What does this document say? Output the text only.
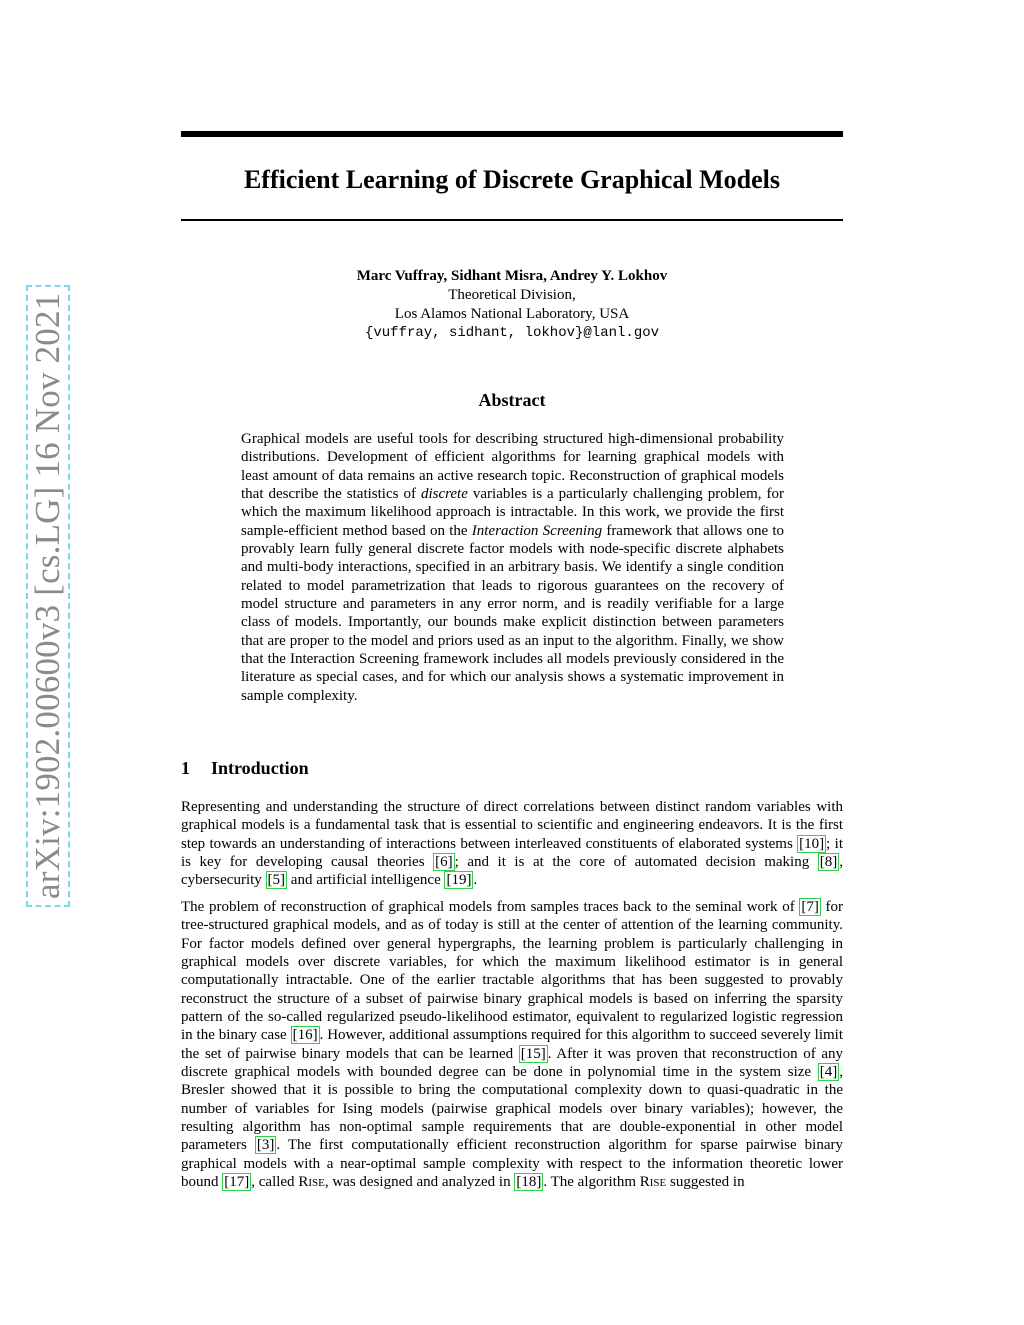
arXiv:1902.00600v3 [cs.LG] 16 Nov 2021
Efficient Learning of Discrete Graphical Models
Marc Vuffray, Sidhant Misra, Andrey Y. Lokhov
Theoretical Division,
Los Alamos National Laboratory, USA
{vuffray, sidhant, lokhov}@lanl.gov
Abstract
Graphical models are useful tools for describing structured high-dimensional probability distributions. Development of efficient algorithms for learning graphical models with least amount of data remains an active research topic. Reconstruction of graphical models that describe the statistics of discrete variables is a particularly challenging problem, for which the maximum likelihood approach is intractable. In this work, we provide the first sample-efficient method based on the Interaction Screening framework that allows one to provably learn fully general discrete factor models with node-specific discrete alphabets and multi-body interactions, specified in an arbitrary basis. We identify a single condition related to model parametrization that leads to rigorous guarantees on the recovery of model structure and parameters in any error norm, and is readily verifiable for a large class of models. Importantly, our bounds make explicit distinction between parameters that are proper to the model and priors used as an input to the algorithm. Finally, we show that the Interaction Screening framework includes all models previously considered in the literature as special cases, and for which our analysis shows a systematic improvement in sample complexity.
1 Introduction
Representing and understanding the structure of direct correlations between distinct random variables with graphical models is a fundamental task that is essential to scientific and engineering endeavors. It is the first step towards an understanding of interactions between interleaved constituents of elaborated systems [10] ; it is key for developing causal theories [6] ; and it is at the core of automated decision making [8] , cybersecurity [5] and artificial intelligence [19] .
The problem of reconstruction of graphical models from samples traces back to the seminal work of [7] for tree-structured graphical models, and as of today is still at the center of attention of the learning community. For factor models defined over general hypergraphs, the learning problem is particularly challenging in graphical models over discrete variables, for which the maximum likelihood estimator is in general computationally intractable. One of the earlier tractable algorithms that has been suggested to provably reconstruct the structure of a subset of pairwise binary graphical models is based on inferring the sparsity pattern of the so-called regularized pseudo-likelihood estimator, equivalent to regularized logistic regression in the binary case [16] . However, additional assumptions required for this algorithm to succeed severely limit the set of pairwise binary models that can be learned [15] . After it was proven that reconstruction of any discrete graphical models with bounded degree can be done in polynomial time in the system size [4] , Bresler showed that it is possible to bring the computational complexity down to quasi-quadratic in the number of variables for Ising models (pairwise graphical models over binary variables); however, the resulting algorithm has non-optimal sample requirements that are double-exponential in other model parameters [3] . The first computationally efficient reconstruction algorithm for sparse pairwise binary graphical models with a near-optimal sample complexity with respect to the information theoretic lower bound [17] , called Rise, was designed and analyzed in [18] . The algorithm Rise suggested in
